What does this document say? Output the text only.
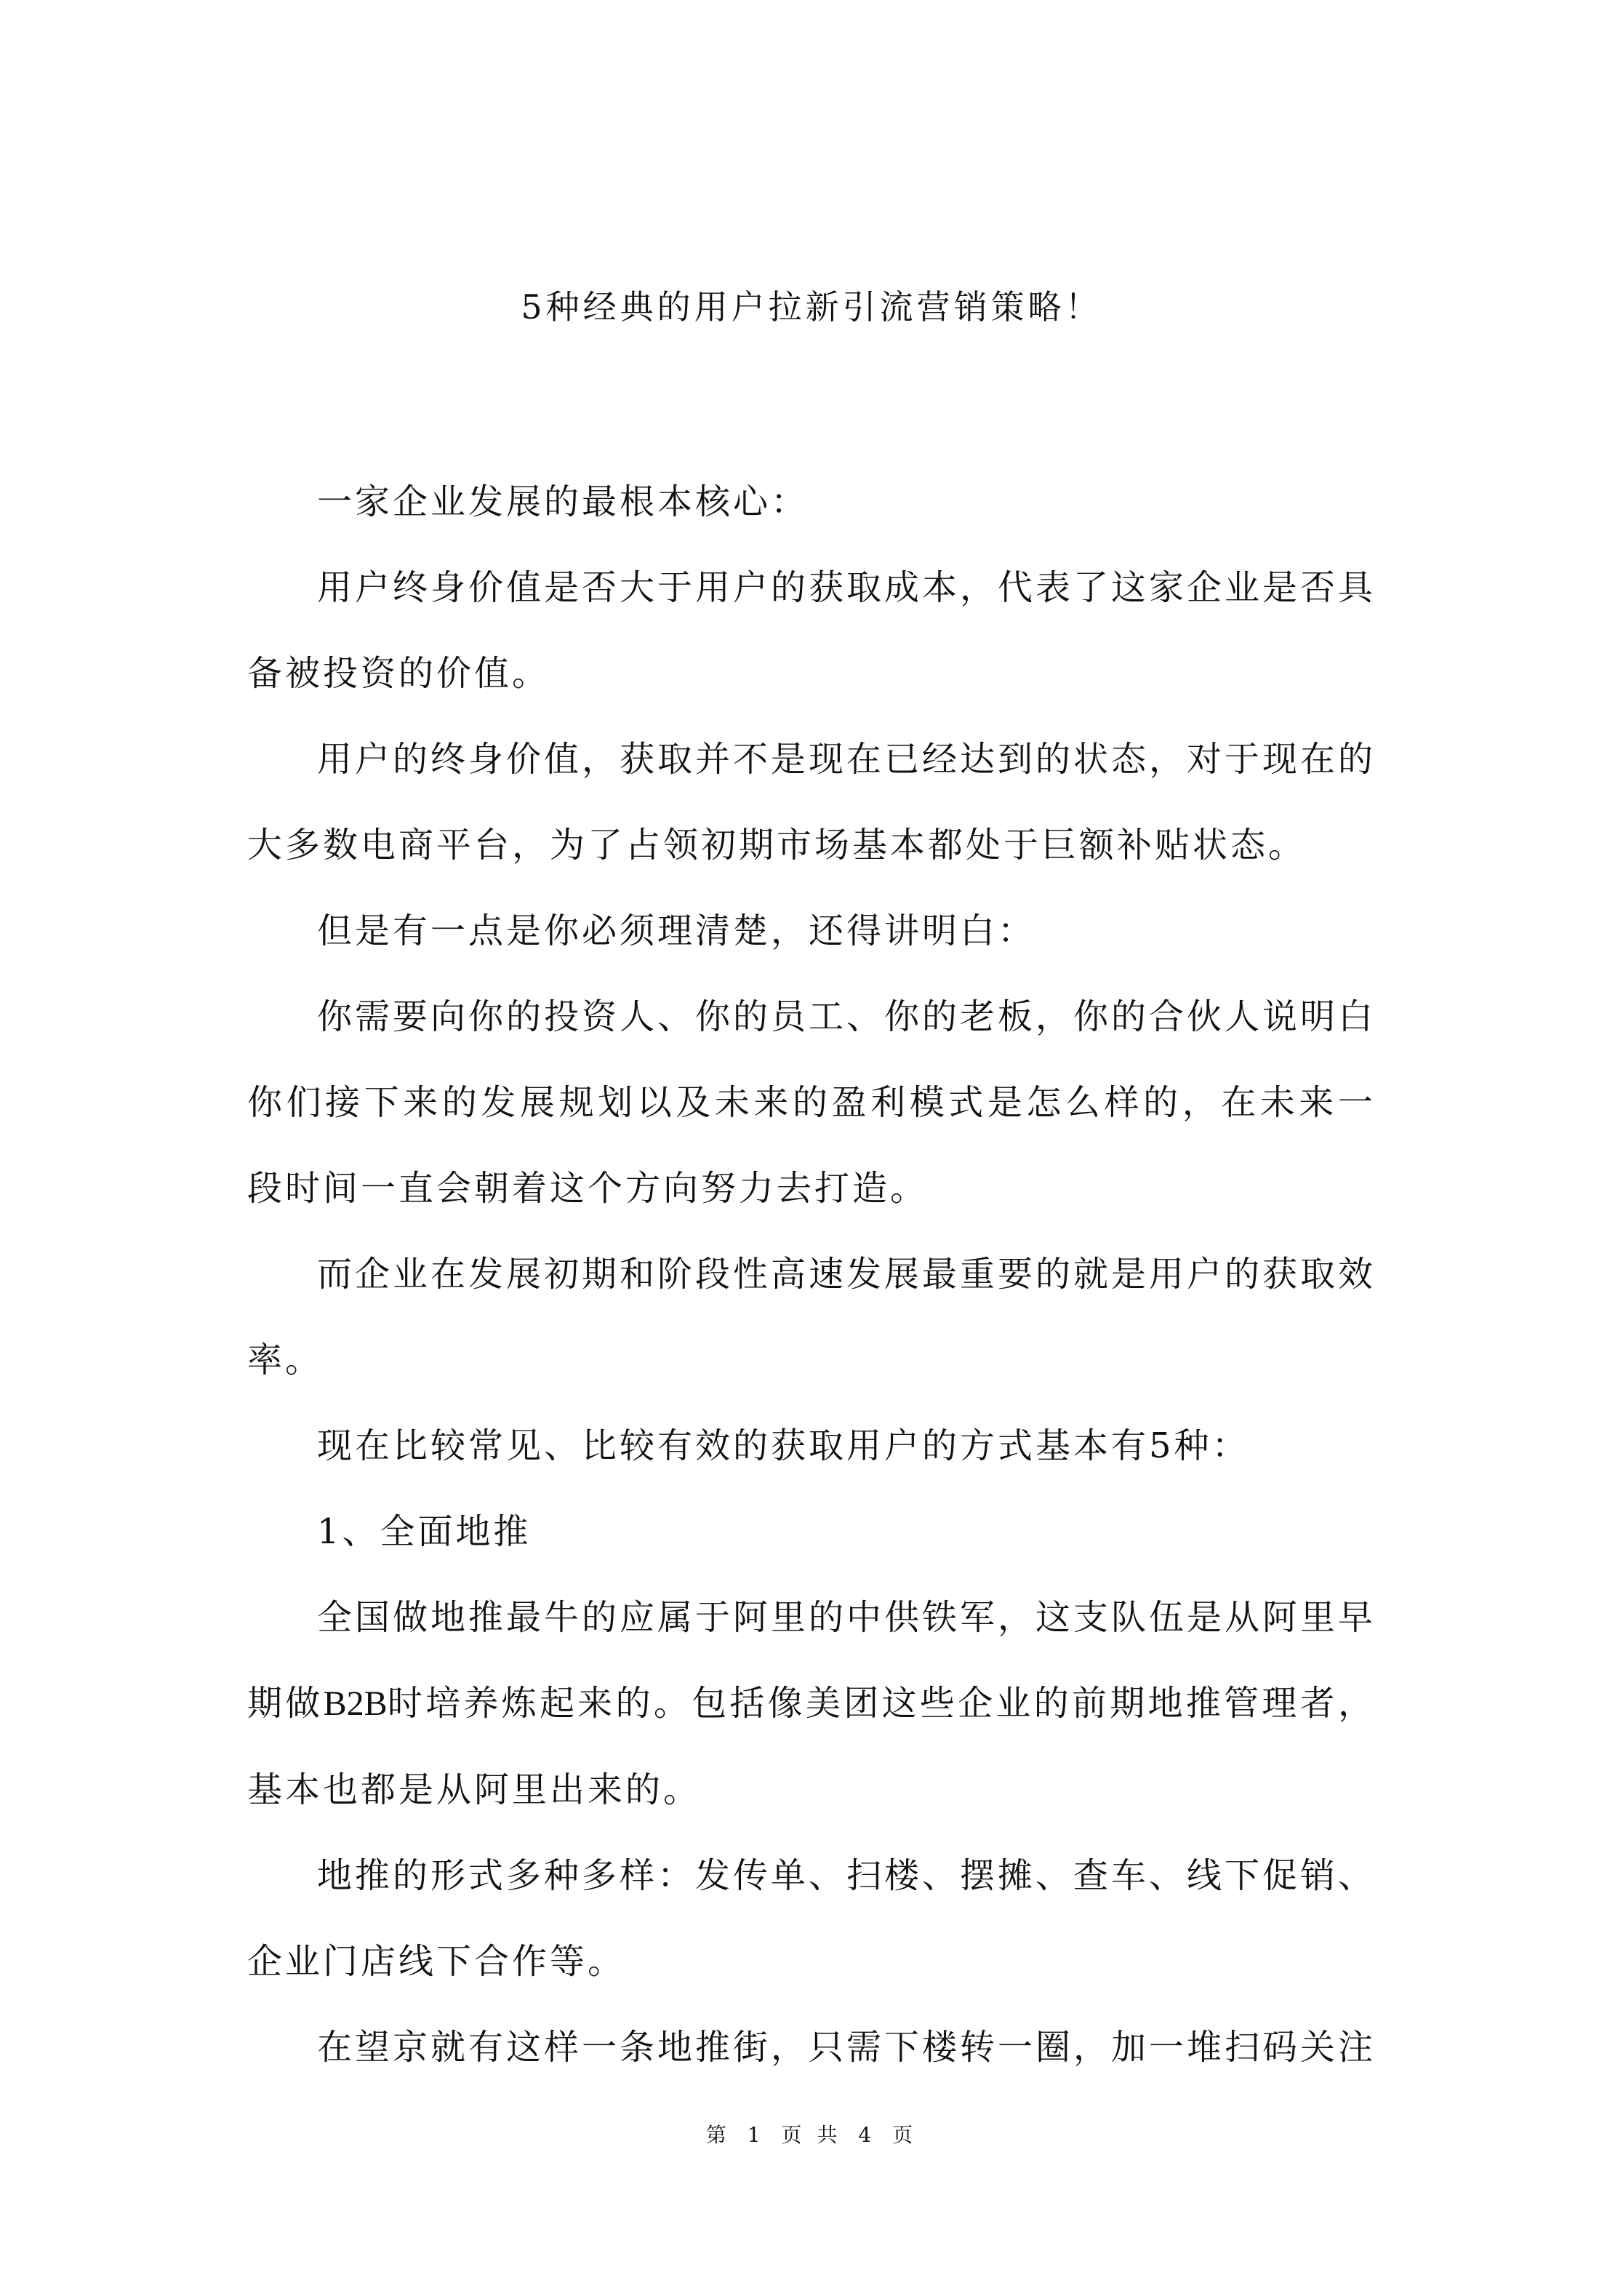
5种经典的用户拉新引流营销策略！

一家企业发展的最根本核心：

用户终身价值是否大于用户的获取成本，代表了这家企业是否具备被投资的价值。

用户的终身价值，获取并不是现在已经达到的状态，对于现在的大多数电商平台，为了占领初期市场基本都处于巨额补贴状态。

但是有一点是你必须理清楚，还得讲明白：

你需要向你的投资人、你的员工、你的老板，你的合伙人说明白你们接下来的发展规划以及未来的盈利模式是怎么样的，在未来一段时间一直会朝着这个方向努力去打造。

而企业在发展初期和阶段性高速发展最重要的就是用户的获取效率。

现在比较常见、比较有效的获取用户的方式基本有5种：

1、全面地推

全国做地推最牛的应属于阿里的中供铁军，这支队伍是从阿里早期做B2B时培养炼起来的。包括像美团这些企业的前期地推管理者，基本也都是从阿里出来的。

地推的形式多种多样：发传单、扫楼、摆摊、查车、线下促销、企业门店线下合作等。

在望京就有这样一条地推街，只需下楼转一圈，加一堆扫码关注

第 1 页 共 4 页
